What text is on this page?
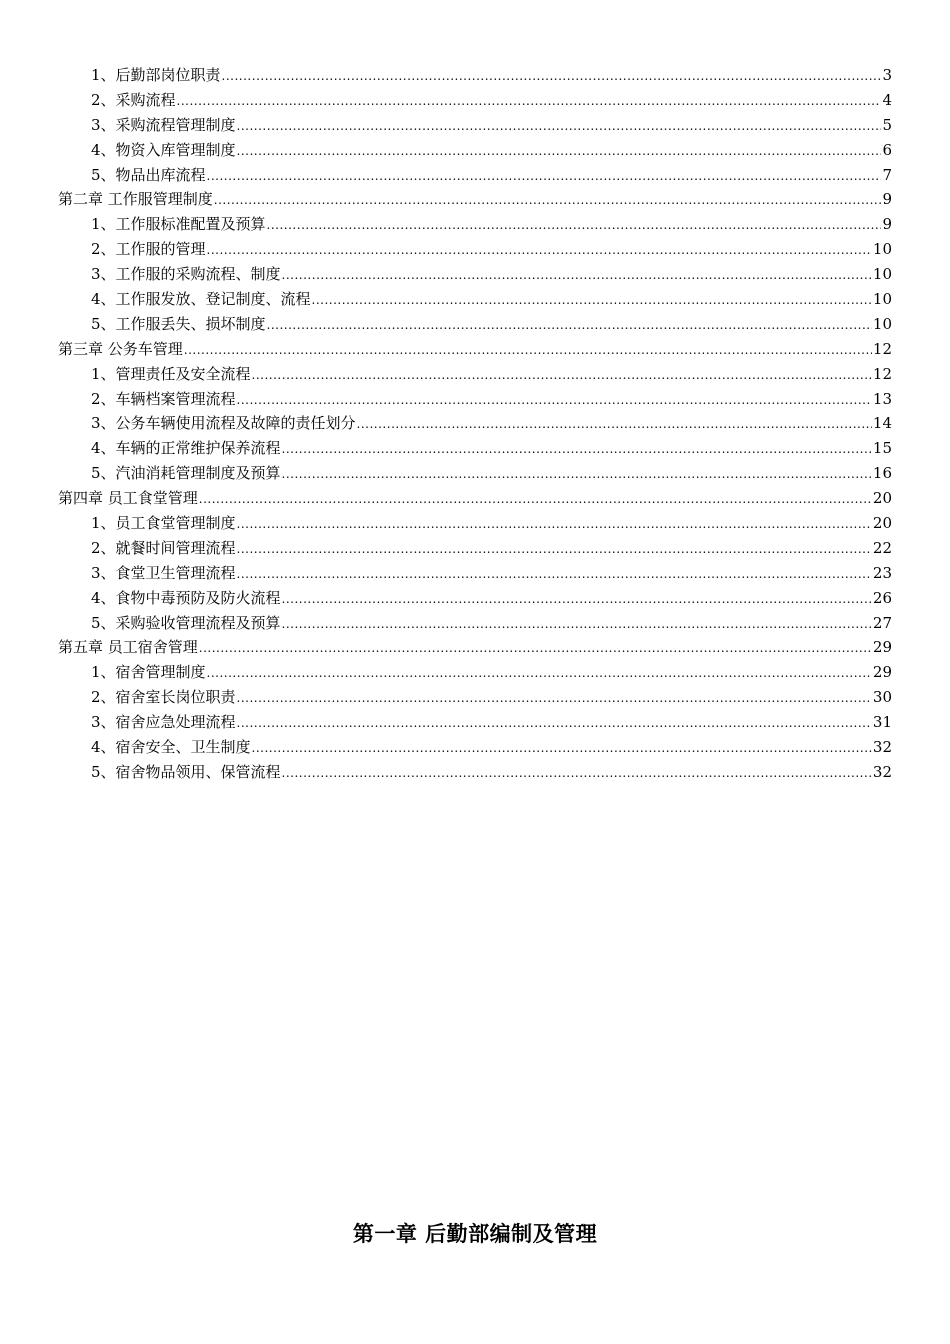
1、后勤部岗位职责 .....	3
2、采购流程 .....	4
3、采购流程管理制度 .....	5
4、物资入库管理制度 .....	6
5、物品出库流程 .....	7
第二章 工作服管理制度 .....	9
1、工作服标准配置及预算 .....	9
2、工作服的管理 .....	10
3、工作服的采购流程、制度 .....	10
4、工作服发放、登记制度、流程 .....	10
5、工作服丢失、损坏制度 .....	10
第三章 公务车管理 .....	12
1、管理责任及安全流程 .....	12
2、车辆档案管理流程 .....	13
3、公务车辆使用流程及故障的责任划分 .....	14
4、车辆的正常维护保养流程 .....	15
5、汽油消耗管理制度及预算 .....	16
第四章 员工食堂管理 .....	20
1、员工食堂管理制度 .....	20
2、就餐时间管理流程 .....	22
3、食堂卫生管理流程 .....	23
4、食物中毒预防及防火流程 .....	26
5、采购验收管理流程及预算 .....	27
第五章 员工宿舍管理 .....	29
1、宿舍管理制度 .....	29
2、宿舍室长岗位职责 .....	30
3、宿舍应急处理流程 .....	31
4、宿舍安全、卫生制度 .....	32
5、宿舍物品领用、保管流程 .....	32
第一章 后勤部编制及管理
